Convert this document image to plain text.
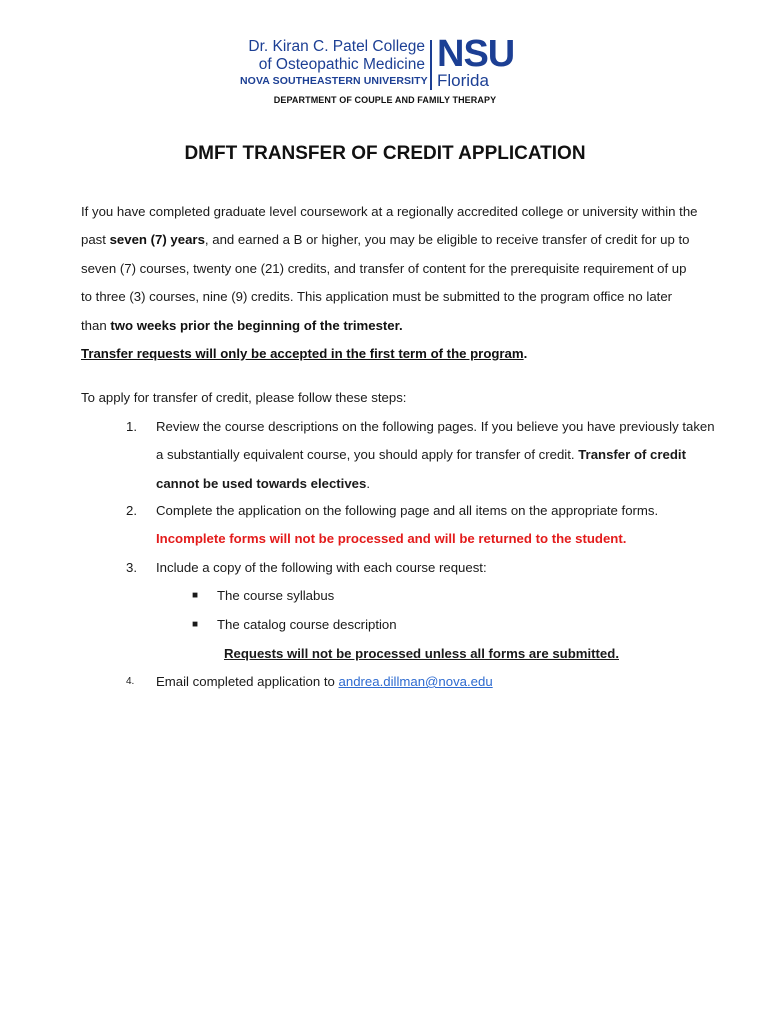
Dr. Kiran C. Patel College
of Osteopathic Medicine
NOVA SOUTHEASTERN UNIVERSITY
NSU
Florida
DEPARTMENT OF COUPLE AND FAMILY THERAPY
DMFT TRANSFER OF CREDIT APPLICATION
If you have completed graduate level coursework at a regionally accredited college or university within the past seven (7) years, and earned a B or higher, you may be eligible to receive transfer of credit for up to seven (7) courses, twenty one (21) credits, and transfer of content for the prerequisite requirement of up to three (3) courses, nine (9) credits. This application must be submitted to the program office no later than two weeks prior the beginning of the trimester.
Transfer requests will only be accepted in the first term of the program.
To apply for transfer of credit, please follow these steps:
1. Review the course descriptions on the following pages. If you believe you have previously taken a substantially equivalent course, you should apply for transfer of credit. Transfer of credit cannot be used towards electives.
2. Complete the application on the following page and all items on the appropriate forms. Incomplete forms will not be processed and will be returned to the student.
3. Include a copy of the following with each course request:
■ The course syllabus
■ The catalog course description
Requests will not be processed unless all forms are submitted.
4. Email completed application to andrea.dillman@nova.edu
